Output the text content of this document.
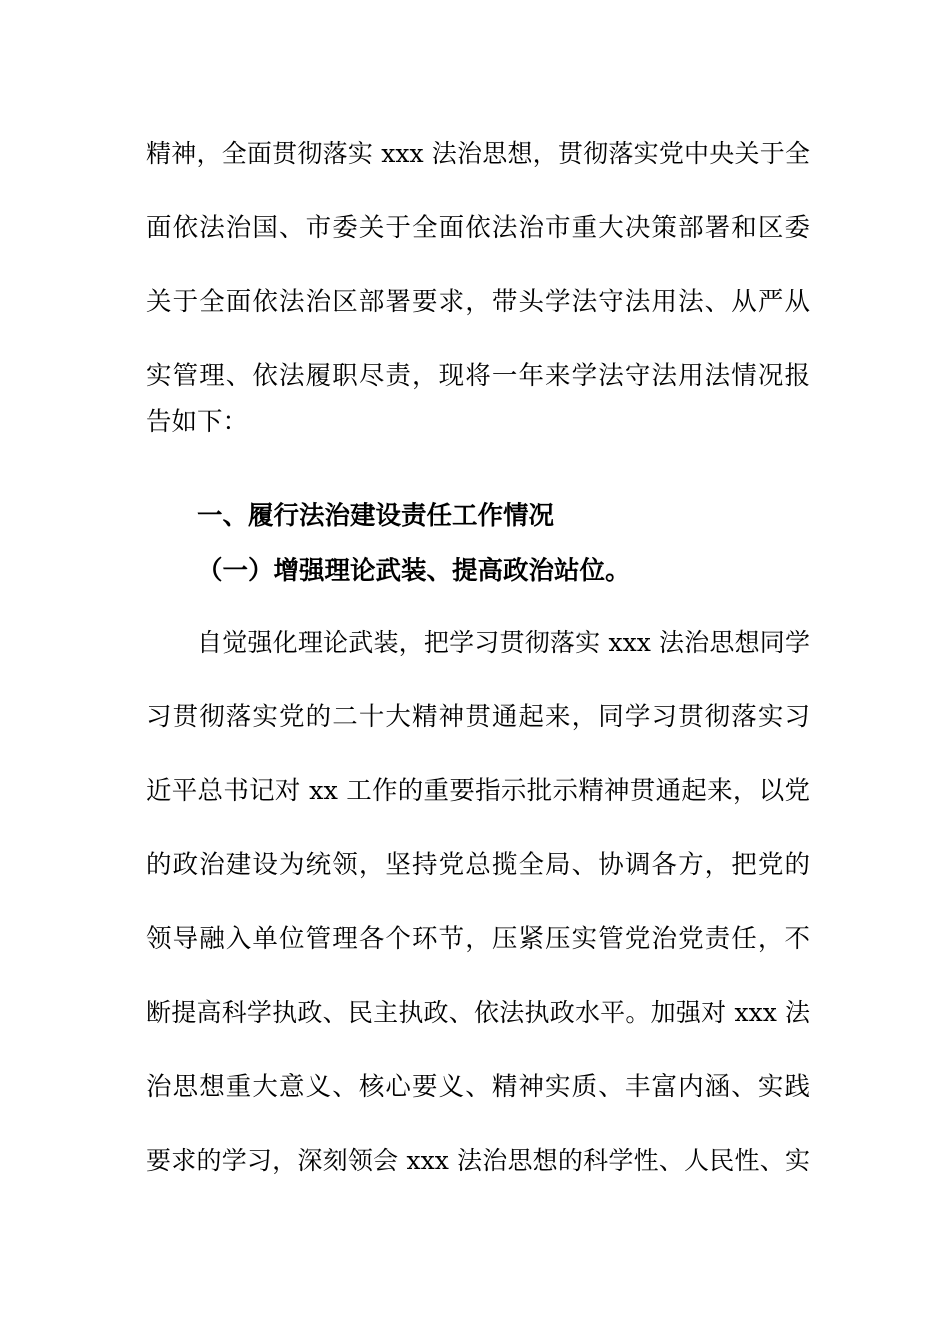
精神，全面贯彻落实 xxx 法治思想，贯彻落实党中央关于全
面依法治国、市委关于全面依法治市重大决策部署和区委
关于全面依法治区部署要求，带头学法守法用法、从严从
实管理、依法履职尽责，现将一年来学法守法用法情况报
告如下：
一、履行法治建设责任工作情况
（一）增强理论武装、提高政治站位。
自觉强化理论武装，把学习贯彻落实 xxx 法治思想同学
习贯彻落实党的二十大精神贯通起来，同学习贯彻落实习
近平总书记对 xx 工作的重要指示批示精神贯通起来，以党
的政治建设为统领，坚持党总揽全局、协调各方，把党的
领导融入单位管理各个环节，压紧压实管党治党责任，不
断提高科学执政、民主执政、依法执政水平。加强对 xxx 法
治思想重大意义、核心要义、精神实质、丰富内涵、实践
要求的学习，深刻领会 xxx 法治思想的科学性、人民性、实
